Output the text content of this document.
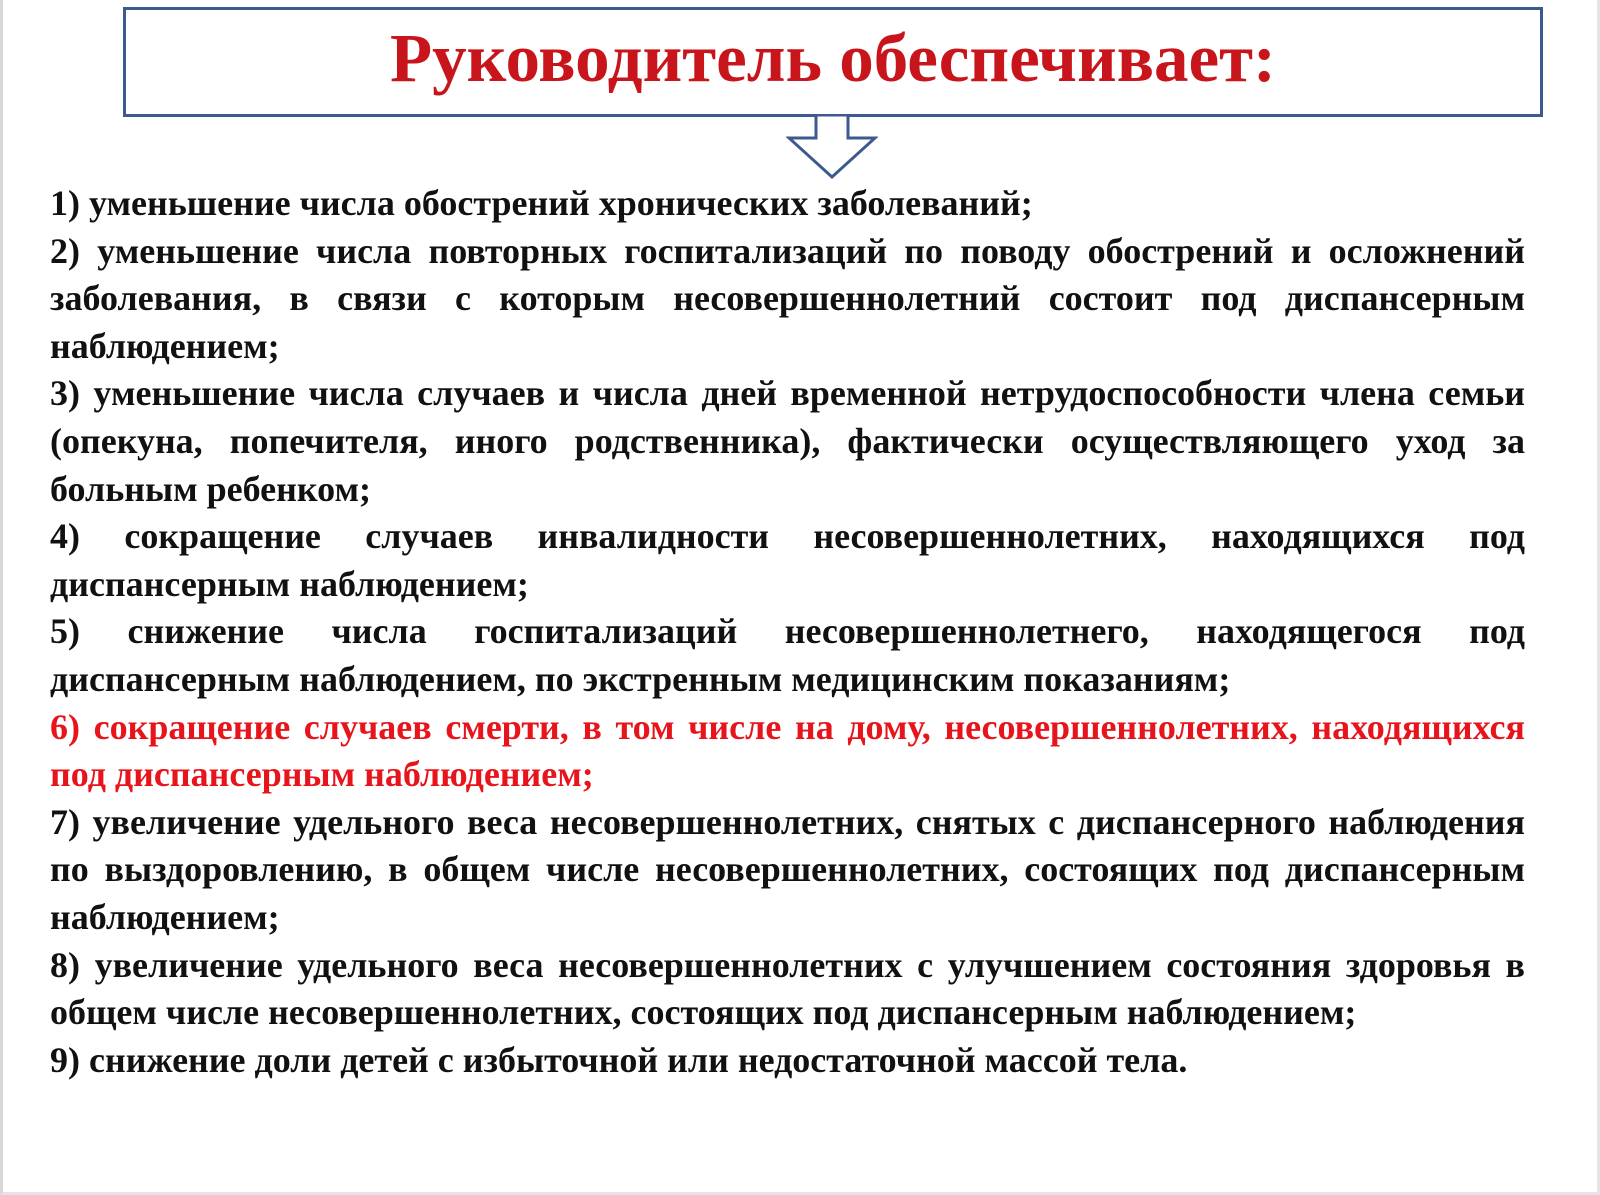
Руководитель обеспечивает:
1) уменьшение числа обострений хронических заболеваний;
2) уменьшение числа повторных госпитализаций по поводу обострений и осложнений заболевания, в связи с которым несовершеннолетний состоит под диспансерным наблюдением;
3) уменьшение числа случаев и числа дней временной нетрудоспособности члена семьи (опекуна, попечителя, иного родственника), фактически осуществляющего уход за больным ребенком;
4) сокращение случаев инвалидности несовершеннолетних, находящихся под диспансерным наблюдением;
5) снижение числа госпитализаций несовершеннолетнего, находящегося под диспансерным наблюдением, по экстренным медицинским показаниям;
6) сокращение случаев смерти, в том числе на дому, несовершеннолетних, находящихся под диспансерным наблюдением;
7) увеличение удельного веса несовершеннолетних, снятых с диспансерного наблюдения по выздоровлению, в общем числе несовершеннолетних, состоящих под диспансерным наблюдением;
8) увеличение удельного веса несовершеннолетних с улучшением состояния здоровья в общем числе несовершеннолетних, состоящих под диспансерным наблюдением;
9) снижение доли детей с избыточной или недостаточной массой тела.
